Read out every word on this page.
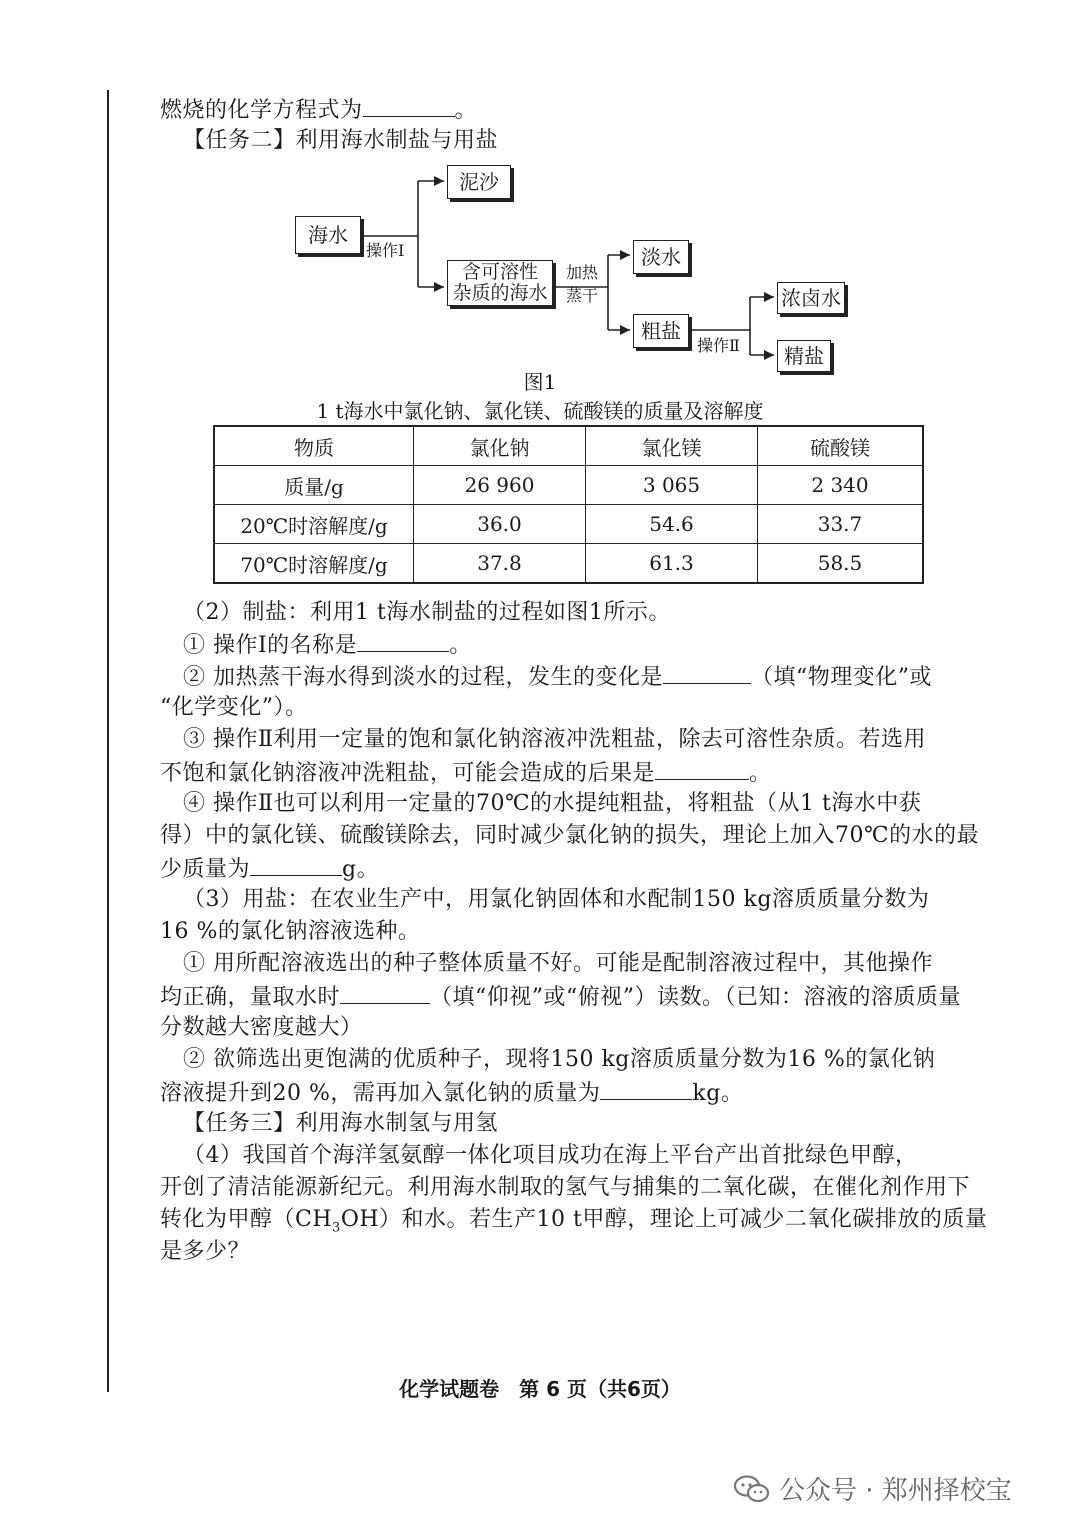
燃烧的化学方程式为	。
【任务二】利用海水制盐与用盐
海水
泥沙
含可溶性
杂质的海水
淡水
粗盐
浓卤水
精盐
操作Ⅰ
加热
蒸干
操作Ⅱ
图1
1 t海水中氯化钠、氯化镁、硫酸镁的质量及溶解度
物质	氯化钠	氯化镁	硫酸镁
质量/g	26 960	3 065	2 340
20℃时溶解度/g	36.0	54.6	33.7
70℃时溶解度/g	37.8	61.3	58.5
（2）制盐：利用1 t海水制盐的过程如图1所示。
① 操作Ⅰ的名称是	。
② 加热蒸干海水得到淡水的过程，发生的变化是	（填“物理变化”或
“化学变化”）。
③ 操作Ⅱ利用一定量的饱和氯化钠溶液冲洗粗盐，除去可溶性杂质。若选用
不饱和氯化钠溶液冲洗粗盐，可能会造成的后果是	。
④ 操作Ⅱ也可以利用一定量的70℃的水提纯粗盐，将粗盐（从1 t海水中获
得）中的氯化镁、硫酸镁除去，同时减少氯化钠的损失，理论上加入70℃的水的最
少质量为	g。
（3）用盐：在农业生产中，用氯化钠固体和水配制150 kg溶质质量分数为
16 %的氯化钠溶液选种。
① 用所配溶液选出的种子整体质量不好。可能是配制溶液过程中，其他操作
均正确，量取水时	（填“仰视”或“俯视”）读数。（已知：溶液的溶质质量
分数越大密度越大）
② 欲筛选出更饱满的优质种子，现将150 kg溶质质量分数为16 %的氯化钠
溶液提升到20 %，需再加入氯化钠的质量为	kg。
【任务三】利用海水制氢与用氢
（4）我国首个海洋氢氨醇一体化项目成功在海上平台产出首批绿色甲醇，
开创了清洁能源新纪元。利用海水制取的氢气与捕集的二氧化碳，在催化剂作用下
转化为甲醇$(CH_3OH)$和水。若生产10 t甲醇，理论上可减少二氧化碳排放的质量
是多少？
化学试题卷　第 6 页（共6页）
公众号 · 郑州择校宝
